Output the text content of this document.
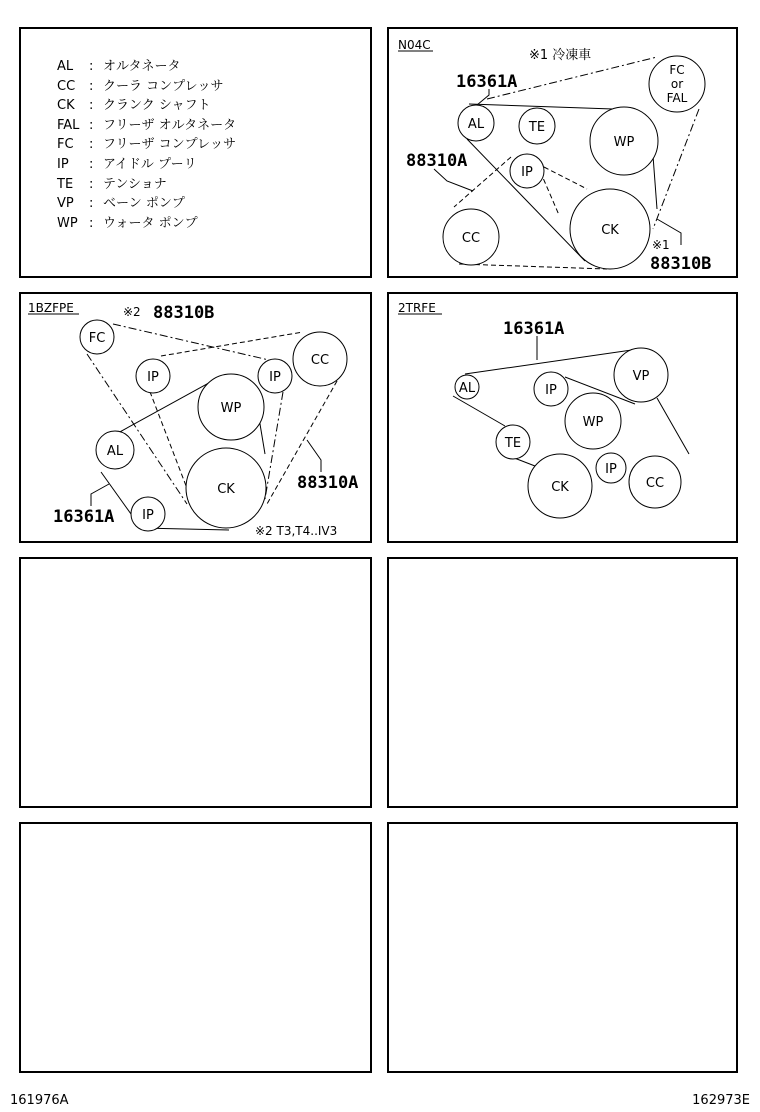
AL : オルタネータ
CC : クーラ コンプレッサ
CK : クランク シャフト
FAL : フリーザ オルタネータ
FC : フリーザ コンプレッサ
IP : アイドル プーリ
TE : テンショナ
VP : ベーン ポンプ
WP : ウォータ ポンプ
N04C
※1 冷凍車
AL	TE
WP
IP
CK
CC
FC
or
FAL
16361A
88310A
※1
88310B
1BZFPE	※2 88310B
FC
IP	IP
CC
WP
AL
CK
IP
16361A
88310A
※2 T3,T4..IV3
2TRFE
AL
VP
IP
WP
TE
IP
CK	CC
16361A
161976A	162973E
